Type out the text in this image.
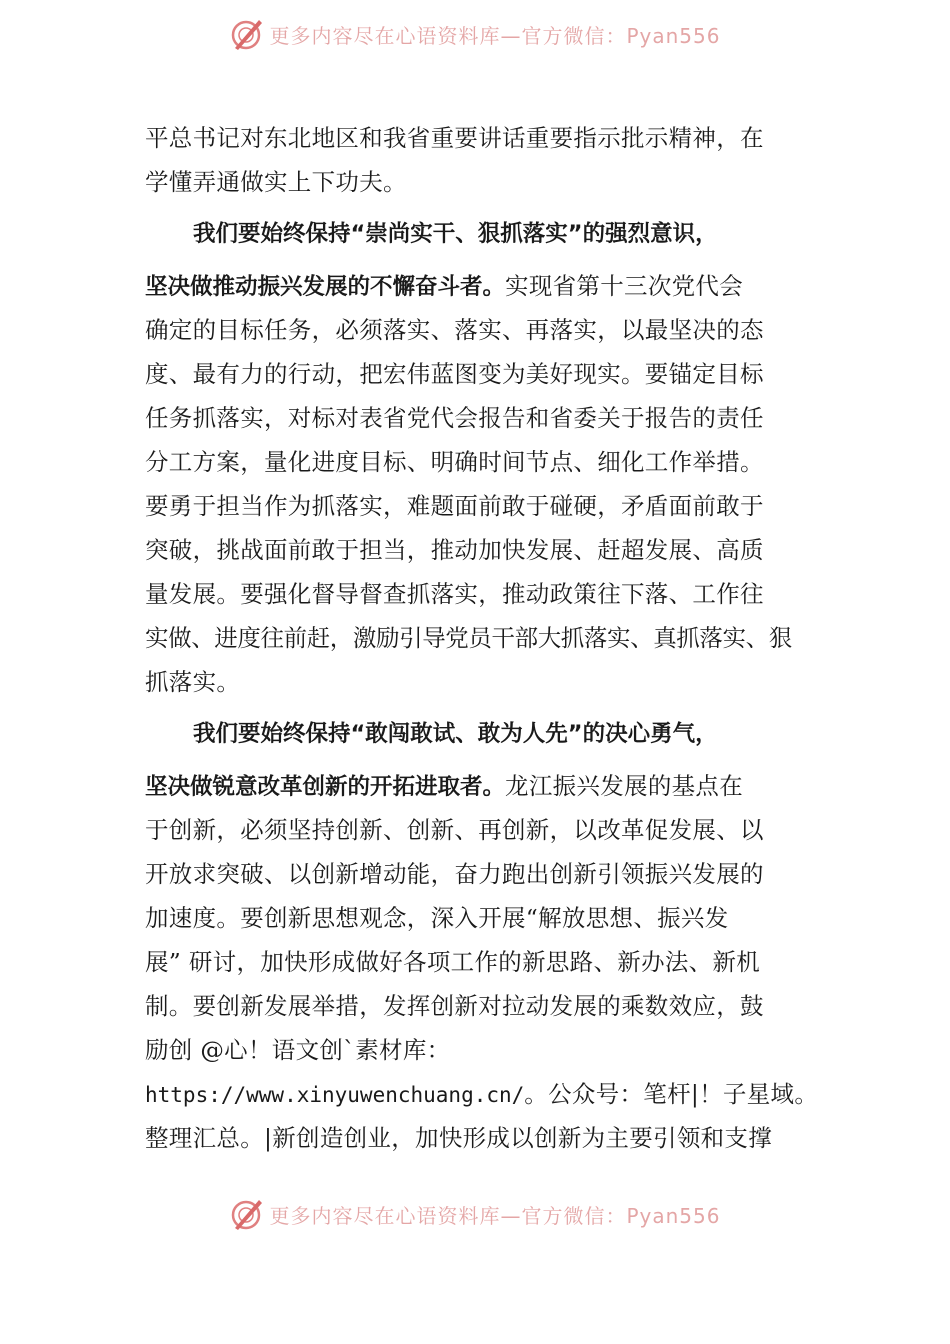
更多内容尽在心语资料库—官方微信：Pyan556
平总书记对东北地区和我省重要讲话重要指示批示精神，在
学懂弄通做实上下功夫。
我们要始终保持“崇尚实干、狠抓落实”的强烈意识，
坚决做推动振兴发展的不懈奋斗者。实现省第十三次党代会
确定的目标任务，必须落实、落实、再落实，以最坚决的态
度、最有力的行动，把宏伟蓝图变为美好现实。要锚定目标
任务抓落实，对标对表省党代会报告和省委关于报告的责任
分工方案，量化进度目标、明确时间节点、细化工作举措。
要勇于担当作为抓落实，难题面前敢于碰硬，矛盾面前敢于
突破，挑战面前敢于担当，推动加快发展、赶超发展、高质
量发展。要强化督导督查抓落实，推动政策往下落、工作往
实做、进度往前赶，激励引导党员干部大抓落实、真抓落实、狠
抓落实。
我们要始终保持“敢闯敢试、敢为人先”的决心勇气，
坚决做锐意改革创新的开拓进取者。龙江振兴发展的基点在
于创新，必须坚持创新、创新、再创新，以改革促发展、以
开放求突破、以创新增动能，奋力跑出创新引领振兴发展的
加速度。要创新思想观念，深入开展“解放思想、振兴发
展” 研讨，加快形成做好各项工作的新思路、新办法、新机
制。要创新发展举措，发挥创新对拉动发展的乘数效应，鼓
励创 @心！语文创`素材库：
https://www.xinyuwenchuang.cn/。公众号：笔杆|！子星域。
整理汇总。|新创造创业，加快形成以创新为主要引领和支撑
更多内容尽在心语资料库—官方微信：Pyan556
